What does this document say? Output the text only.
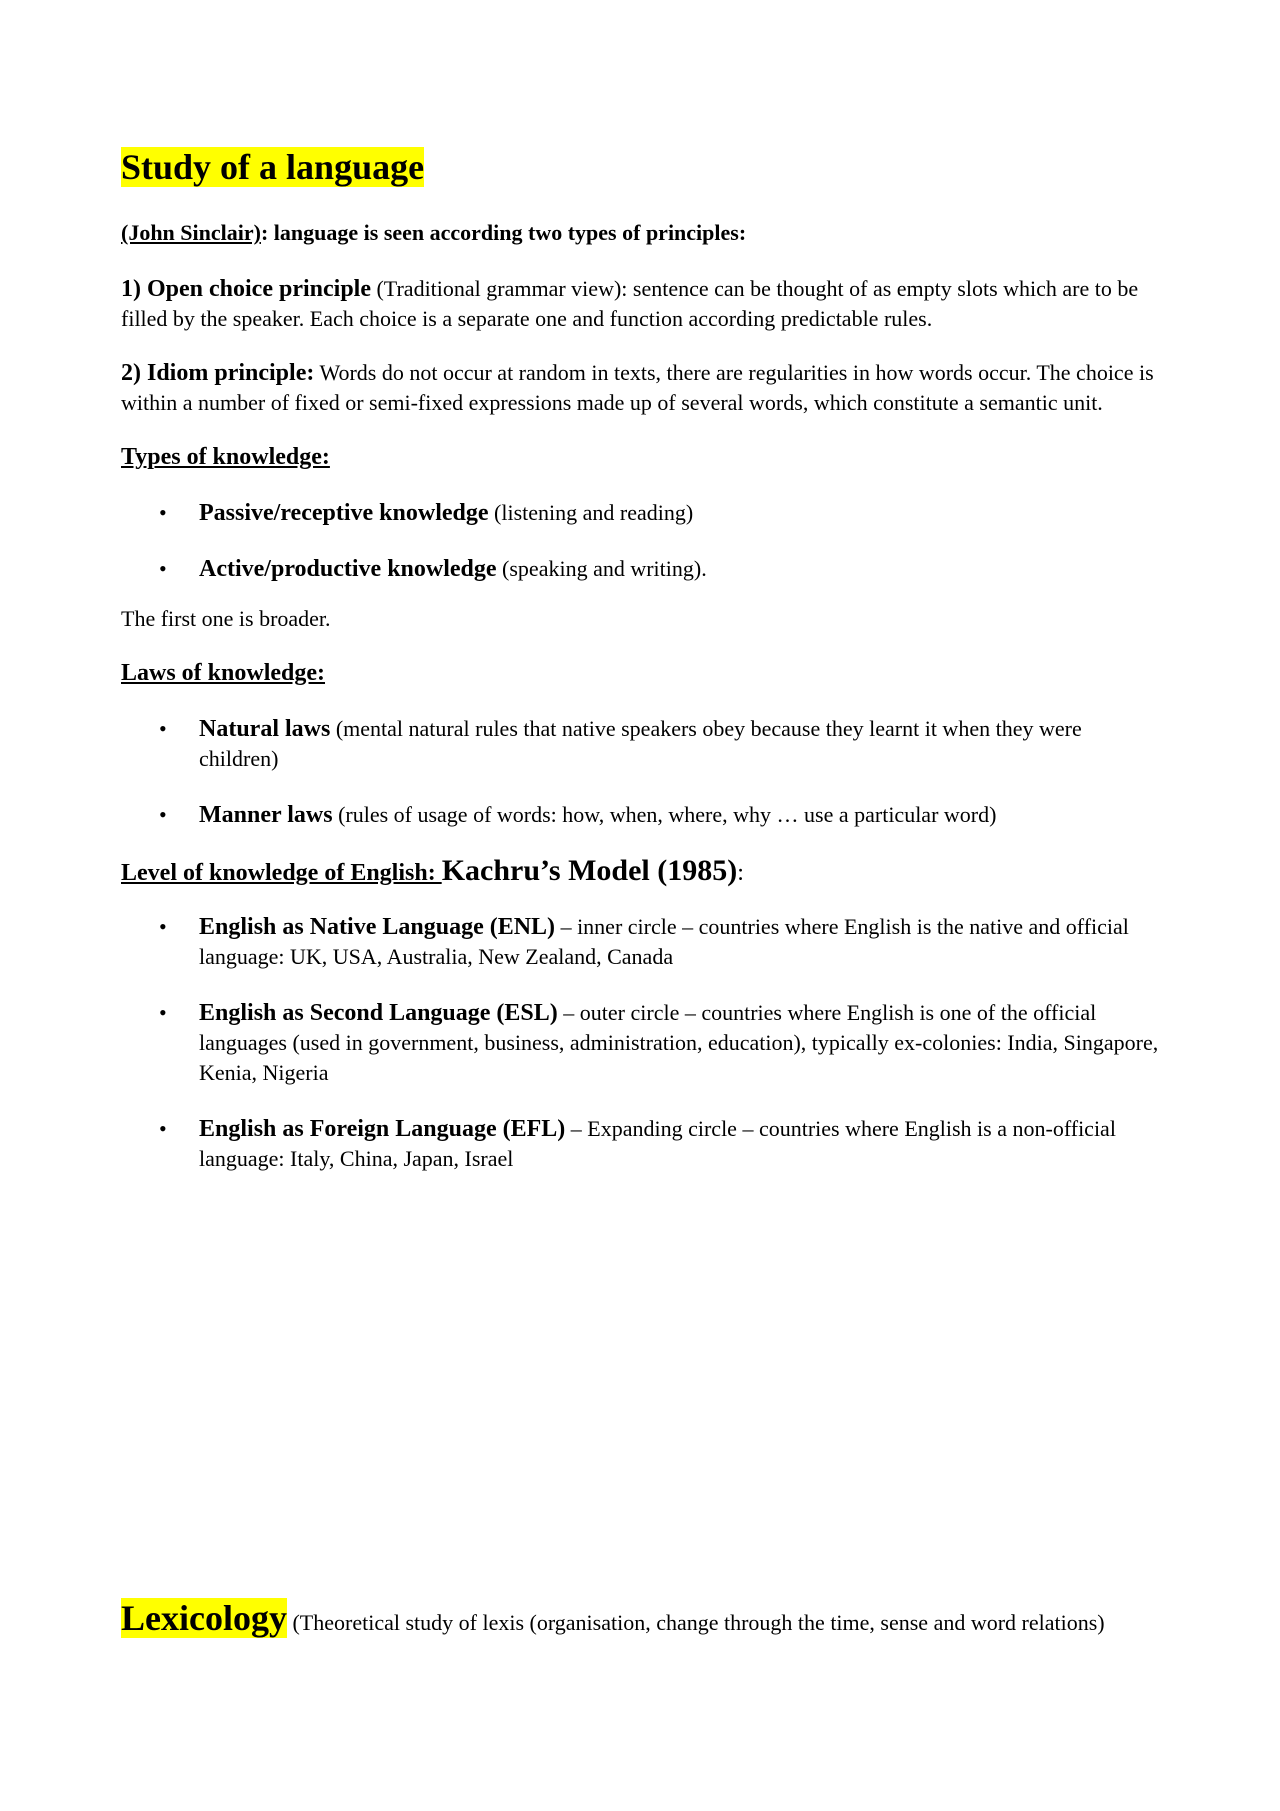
Study of a language

(John Sinclair): language is seen according two types of principles:

1) Open choice principle (Traditional grammar view): sentence can be thought of as empty slots which are to be filled by the speaker. Each choice is a separate one and function according predictable rules.

2) Idiom principle: Words do not occur at random in texts, there are regularities in how words occur. The choice is within a number of fixed or semi-fixed expressions made up of several words, which constitute a semantic unit.

Types of knowledge:
• Passive/receptive knowledge (listening and reading)
• Active/productive knowledge (speaking and writing).

The first one is broader.

Laws of knowledge:
• Natural laws (mental natural rules that native speakers obey because they learnt it when they were children)
• Manner laws (rules of usage of words: how, when, where, why … use a particular word)
Level of knowledge of English: Kachru’s Model (1985):
• English as Native Language (ENL) – inner circle – countries where English is the native and official language: UK, USA, Australia, New Zealand, Canada
• English as Second Language (ESL) – outer circle – countries where English is one of the official languages (used in government, business, administration, education), typically ex-colonies: India, Singapore, Kenia, Nigeria
• English as Foreign Language (EFL) – Expanding circle – countries where English is a non-official language: Italy, China, Japan, Israel
Lexicology (Theoretical study of lexis (organisation, change through the time, sense and word relations)
